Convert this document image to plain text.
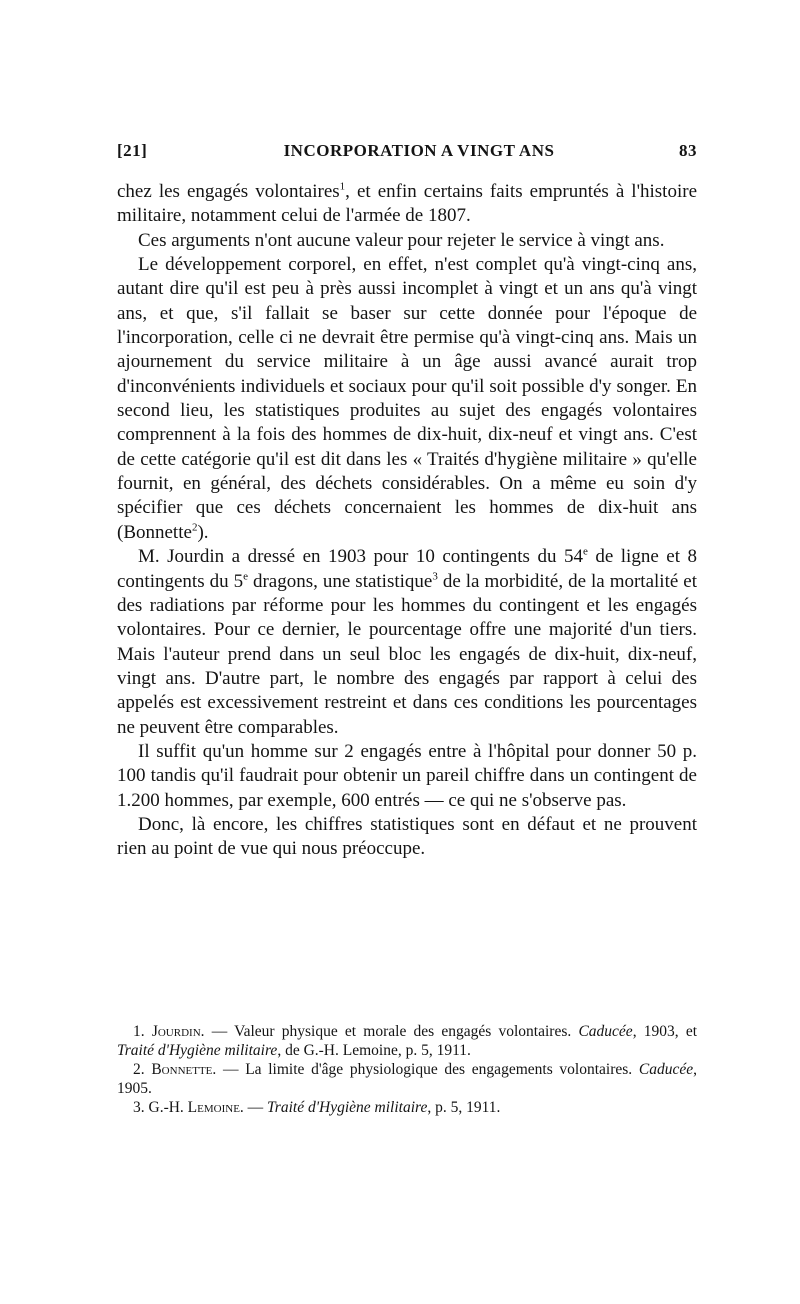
[21]	INCORPORATION A VINGT ANS	83

chez les engagés volontaires$^1$, et enfin certains faits empruntés à l'histoire militaire, notamment celui de l'armée de 1807.

Ces arguments n'ont aucune valeur pour rejeter le service à vingt ans.

Le développement corporel, en effet, n'est complet qu'à vingt-cinq ans, autant dire qu'il est peu à près aussi incomplet à vingt et un ans qu'à vingt ans, et que, s'il fallait se baser sur cette donnée pour l'époque de l'incorporation, celle ci ne devrait être permise qu'à vingt-cinq ans. Mais un ajournement du service militaire à un âge aussi avancé aurait trop d'inconvénients individuels et sociaux pour qu'il soit possible d'y songer. En second lieu, les statistiques produites au sujet des engagés volontaires comprennent à la fois des hommes de dix-huit, dix-neuf et vingt ans. C'est de cette catégorie qu'il est dit dans les « Traités d'hygiène militaire » qu'elle fournit, en général, des déchets considérables. On a même eu soin d'y spécifier que ces déchets concernaient les hommes de dix-huit ans (Bonnette$^2$).

M. Jourdin a dressé en 1903 pour 10 contingents du 54e de ligne et 8 contingents du 5e dragons, une statistique$^3$ de la morbidité, de la mortalité et des radiations par réforme pour les hommes du contingent et les engagés volontaires. Pour ce dernier, le pourcentage offre une majorité d'un tiers. Mais l'auteur prend dans un seul bloc les engagés de dix-huit, dix-neuf, vingt ans. D'autre part, le nombre des engagés par rapport à celui des appelés est excessivement restreint et dans ces conditions les pourcentages ne peuvent être comparables.

Il suffit qu'un homme sur 2 engagés entre à l'hôpital pour donner 50 p. 100 tandis qu'il faudrait pour obtenir un pareil chiffre dans un contingent de 1.200 hommes, par exemple, 600 entrés — ce qui ne s'observe pas.

Donc, là encore, les chiffres statistiques sont en défaut et ne prouvent rien au point de vue qui nous préoccupe.

1. Jourdin. — Valeur physique et morale des engagés volontaires. Caducée, 1903, et Traité d'Hygiène militaire, de G.-H. Lemoine, p. 5, 1911.

2. Bonnette. — La limite d'âge physiologique des engagements volontaires. Caducée, 1905.

3. G.-H. Lemoine. — Traité d'Hygiène militaire, p. 5, 1911.
